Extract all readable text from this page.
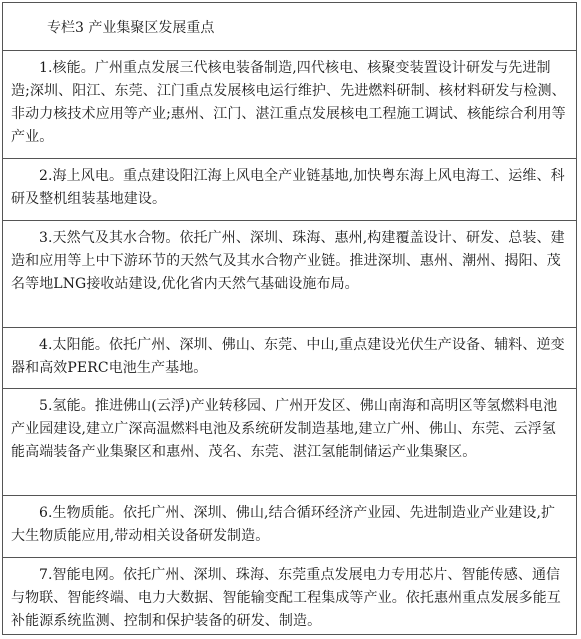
专栏3 产业集聚区发展重点
1.核能。广州重点发展三代核电装备制造,四代核电、核聚变装置设计研发与先进制造;深圳、阳江、东莞、江门重点发展核电运行维护、先进燃料研制、核材料研发与检测、非动力核技术应用等产业;惠州、江门、湛江重点发展核电工程施工调试、核能综合利用等产业。
2.海上风电。重点建设阳江海上风电全产业链基地,加快粤东海上风电海工、运维、科研及整机组装基地建设。
3.天然气及其水合物。依托广州、深圳、珠海、惠州,构建覆盖设计、研发、总装、建造和应用等上中下游环节的天然气及其水合物产业链。推进深圳、惠州、潮州、揭阳、茂名等地LNG接收站建设,优化省内天然气基础设施布局。
4.太阳能。依托广州、深圳、佛山、东莞、中山,重点建设光伏生产设备、辅料、逆变器和高效PERC电池生产基地。
5.氢能。推进佛山(云浮)产业转移园、广州开发区、佛山南海和高明区等氢燃料电池产业园建设,建立广深高温燃料电池及系统研发制造基地,建立广州、佛山、东莞、云浮氢能高端装备产业集聚区和惠州、茂名、东莞、湛江氢能制储运产业集聚区。
6.生物质能。依托广州、深圳、佛山,结合循环经济产业园、先进制造业产业建设,扩大生物质能应用,带动相关设备研发制造。
7.智能电网。依托广州、深圳、珠海、东莞重点发展电力专用芯片、智能传感、通信与物联、智能终端、电力大数据、智能输变配工程集成等产业。依托惠州重点发展多能互补能源系统监测、控制和保护装备的研发、制造。
